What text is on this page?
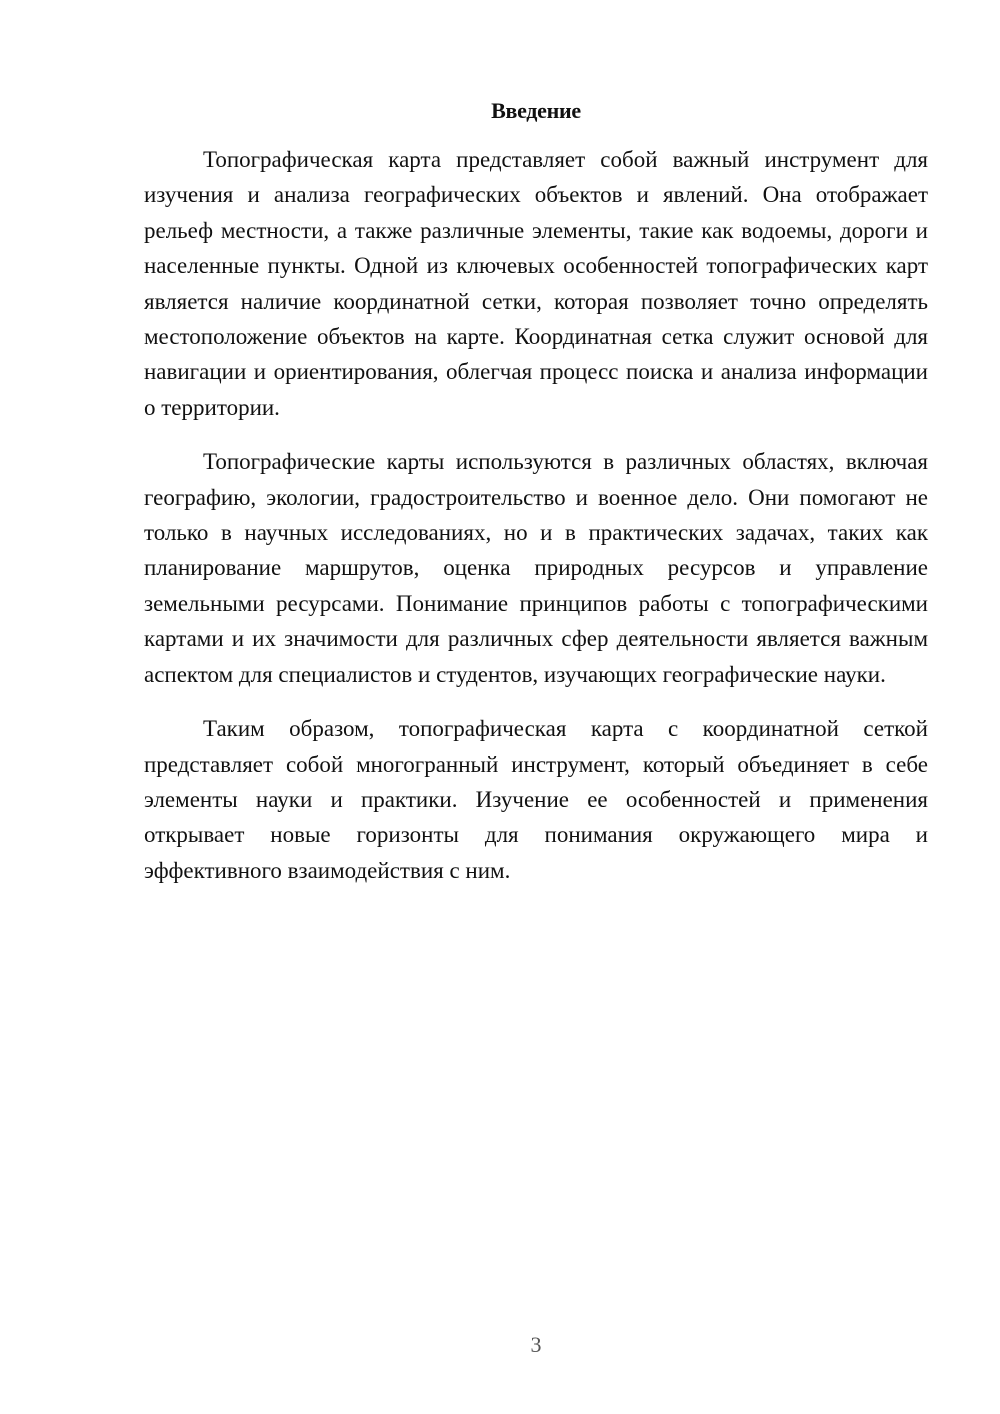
Введение

Топографическая карта представляет собой важный инструмент для изучения и анализа географических объектов и явлений. Она отображает рельеф местности, а также различные элементы, такие как водоемы, дороги и населенные пункты. Одной из ключевых особенностей топографических карт является наличие координатной сетки, которая позволяет точно определять местоположение объектов на карте. Координатная сетка служит основой для навигации и ориентирования, облегчая процесс поиска и анализа информации о территории.

Топографические карты используются в различных областях, включая географию, экологии, градостроительство и военное дело. Они помогают не только в научных исследованиях, но и в практических задачах, таких как планирование маршрутов, оценка природных ресурсов и управление земельными ресурсами. Понимание принципов работы с топографическими картами и их значимости для различных сфер деятельности является важным аспектом для специалистов и студентов, изучающих географические науки.

Таким образом, топографическая карта с координатной сеткой представляет собой многогранный инструмент, который объединяет в себе элементы науки и практики. Изучение ее особенностей и применения открывает новые горизонты для понимания окружающего мира и эффективного взаимодействия с ним.

3
